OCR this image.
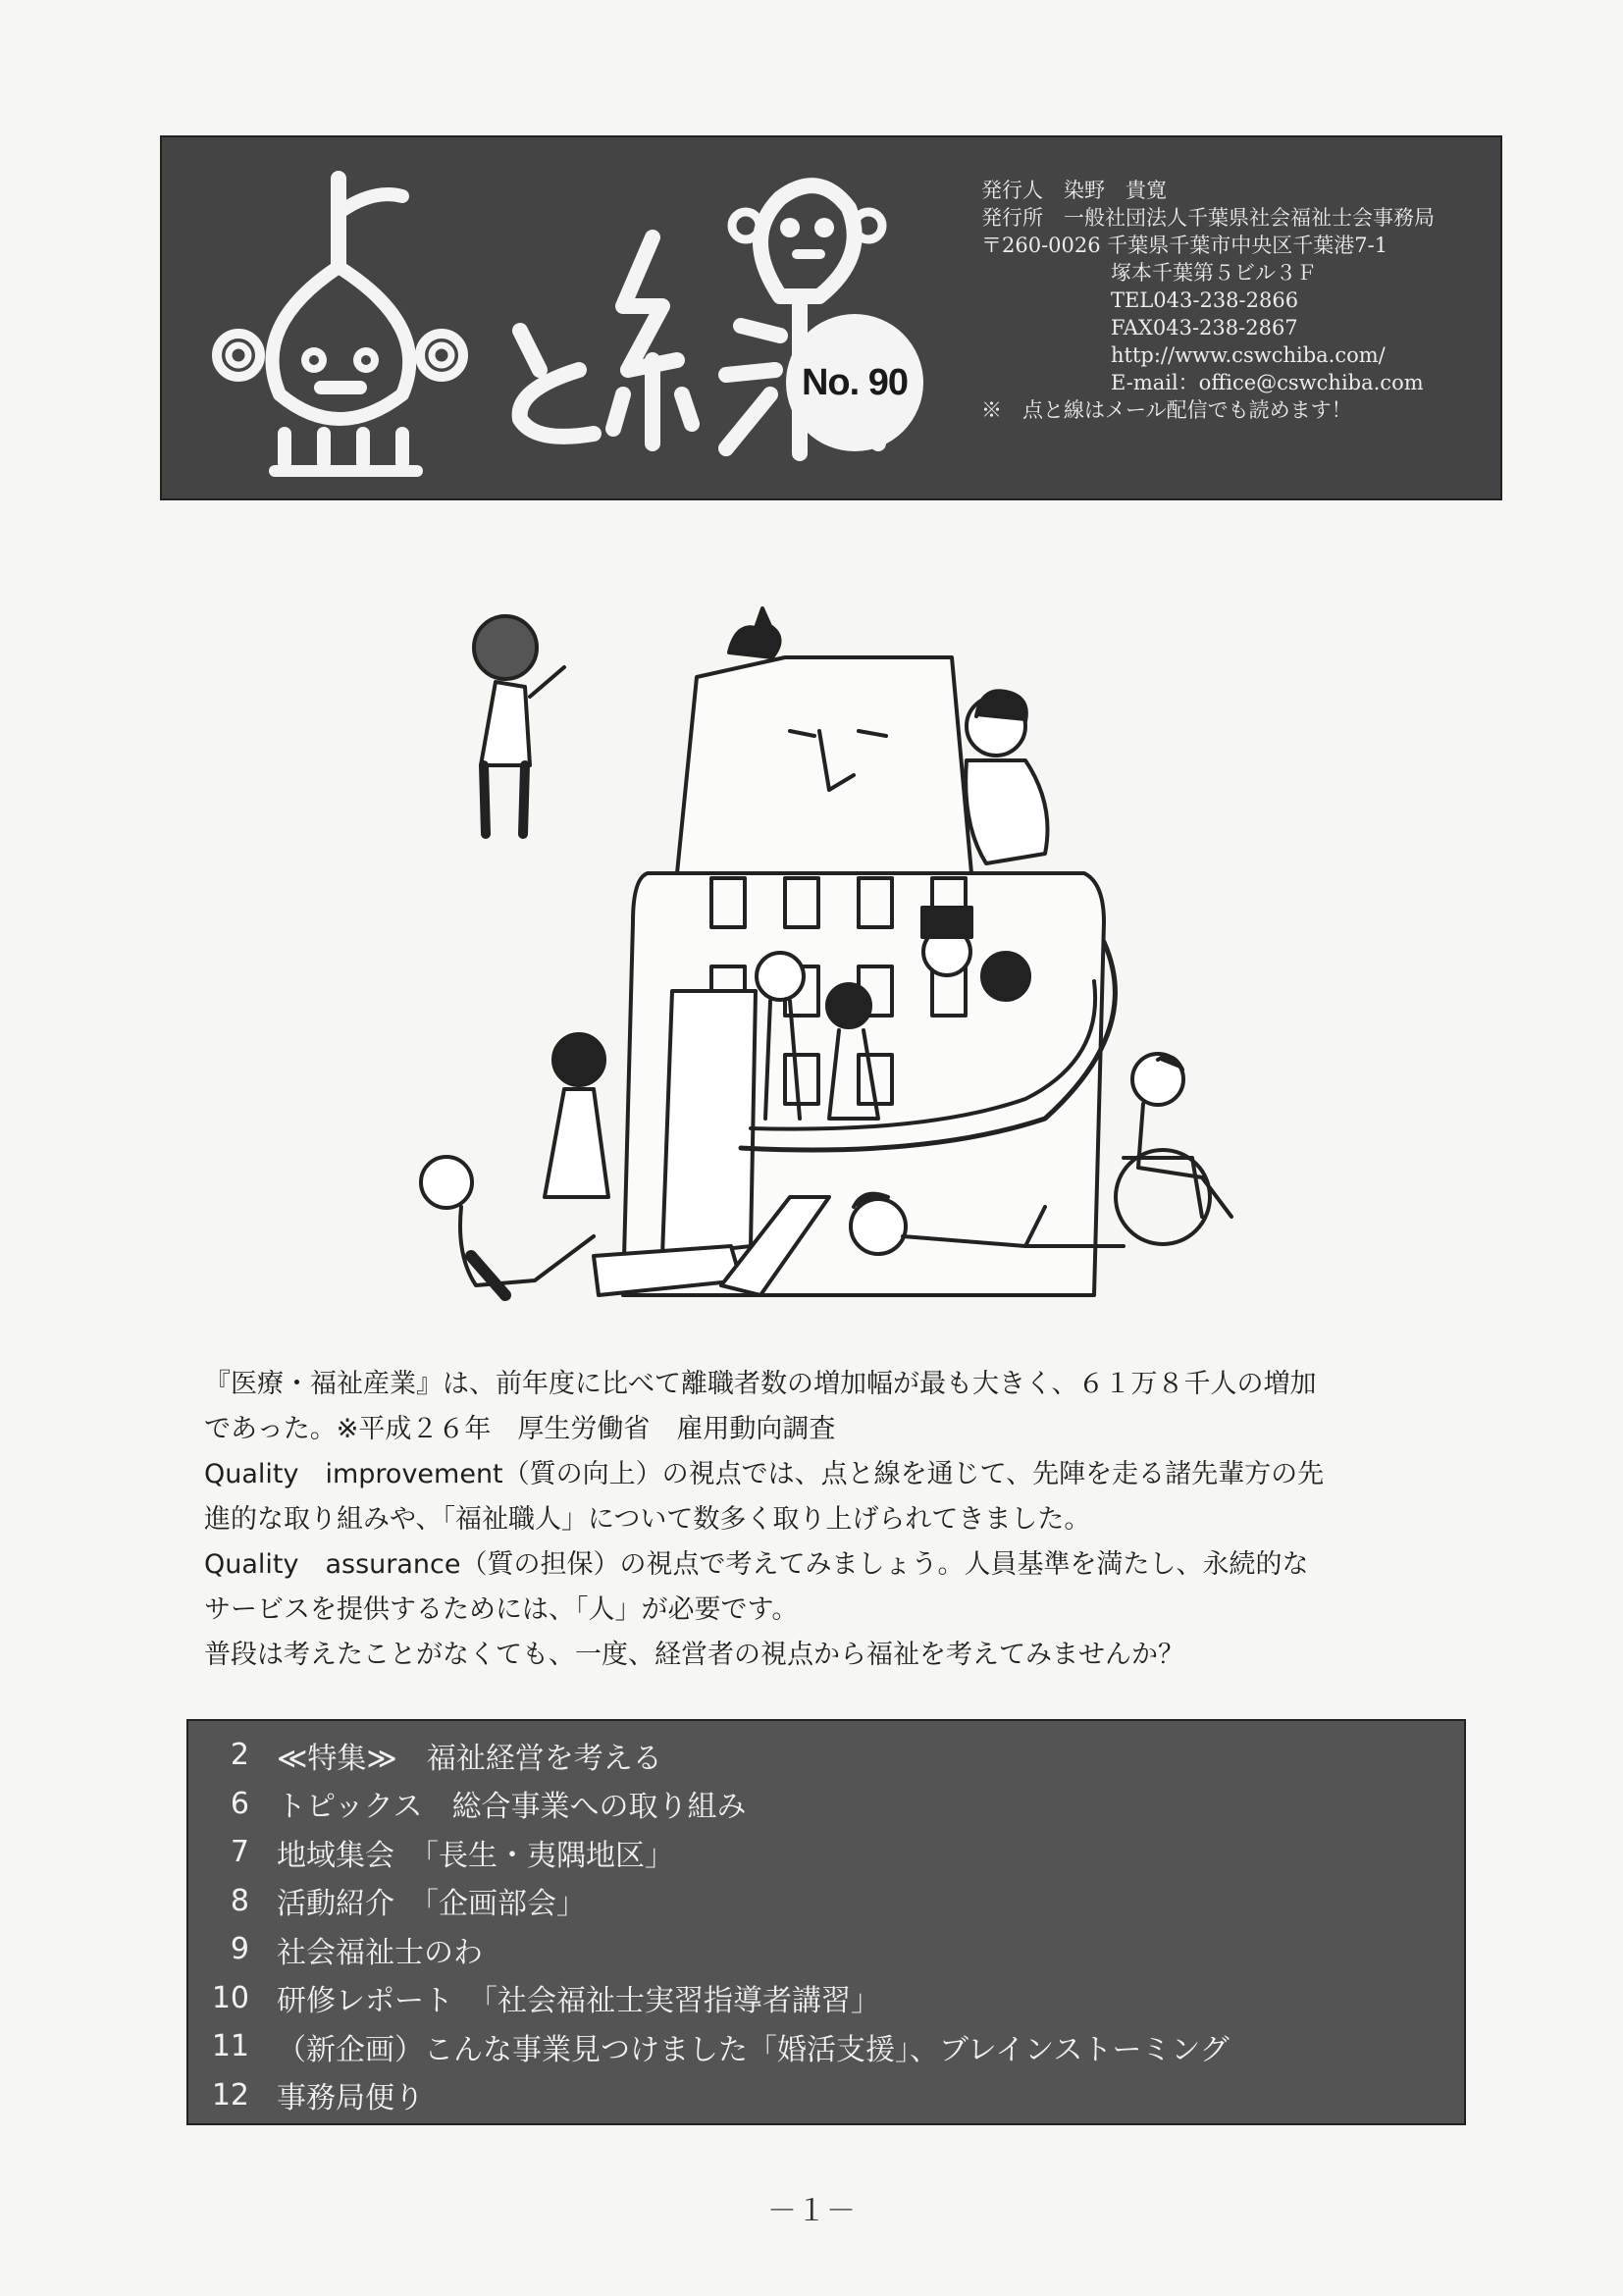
No. 90
発行人　染野　貴寛
発行所　一般社団法人千葉県社会福祉士会事務局
〒260-0026 千葉県千葉市中央区千葉港7-1
塚本千葉第５ビル３Ｆ
TEL043-238-2866
FAX043-238-2867
http://www.cswchiba.com/
E-mail：office@cswchiba.com
※　点と線はメール配信でも読めます！

『医療・福祉産業』は、前年度に比べて離職者数の増加幅が最も大きく、６１万８千人の増加

であった。※平成２６年　厚生労働省　雇用動向調査

Quality　improvement（質の向上）の視点では、点と線を通じて、先陣を走る諸先輩方の先

進的な取り組みや、「福祉職人」について数多く取り上げられてきました。

Quality　assurance（質の担保）の視点で考えてみましょう。人員基準を満たし、永続的な

サービスを提供するためには、「人」が必要です。

普段は考えたことがなくても、一度、経営者の視点から福祉を考えてみませんか？

2 ≪特集≫　福祉経営を考える
6 トピックス　総合事業への取り組み
7 地域集会　「長生・夷隅地区」
8 活動紹介　「企画部会」
9 社会福祉士のわ
10 研修レポート　「社会福祉士実習指導者講習」
11 （新企画）こんな事業見つけました「婚活支援」、ブレインストーミング
12 事務局便り
－１－
